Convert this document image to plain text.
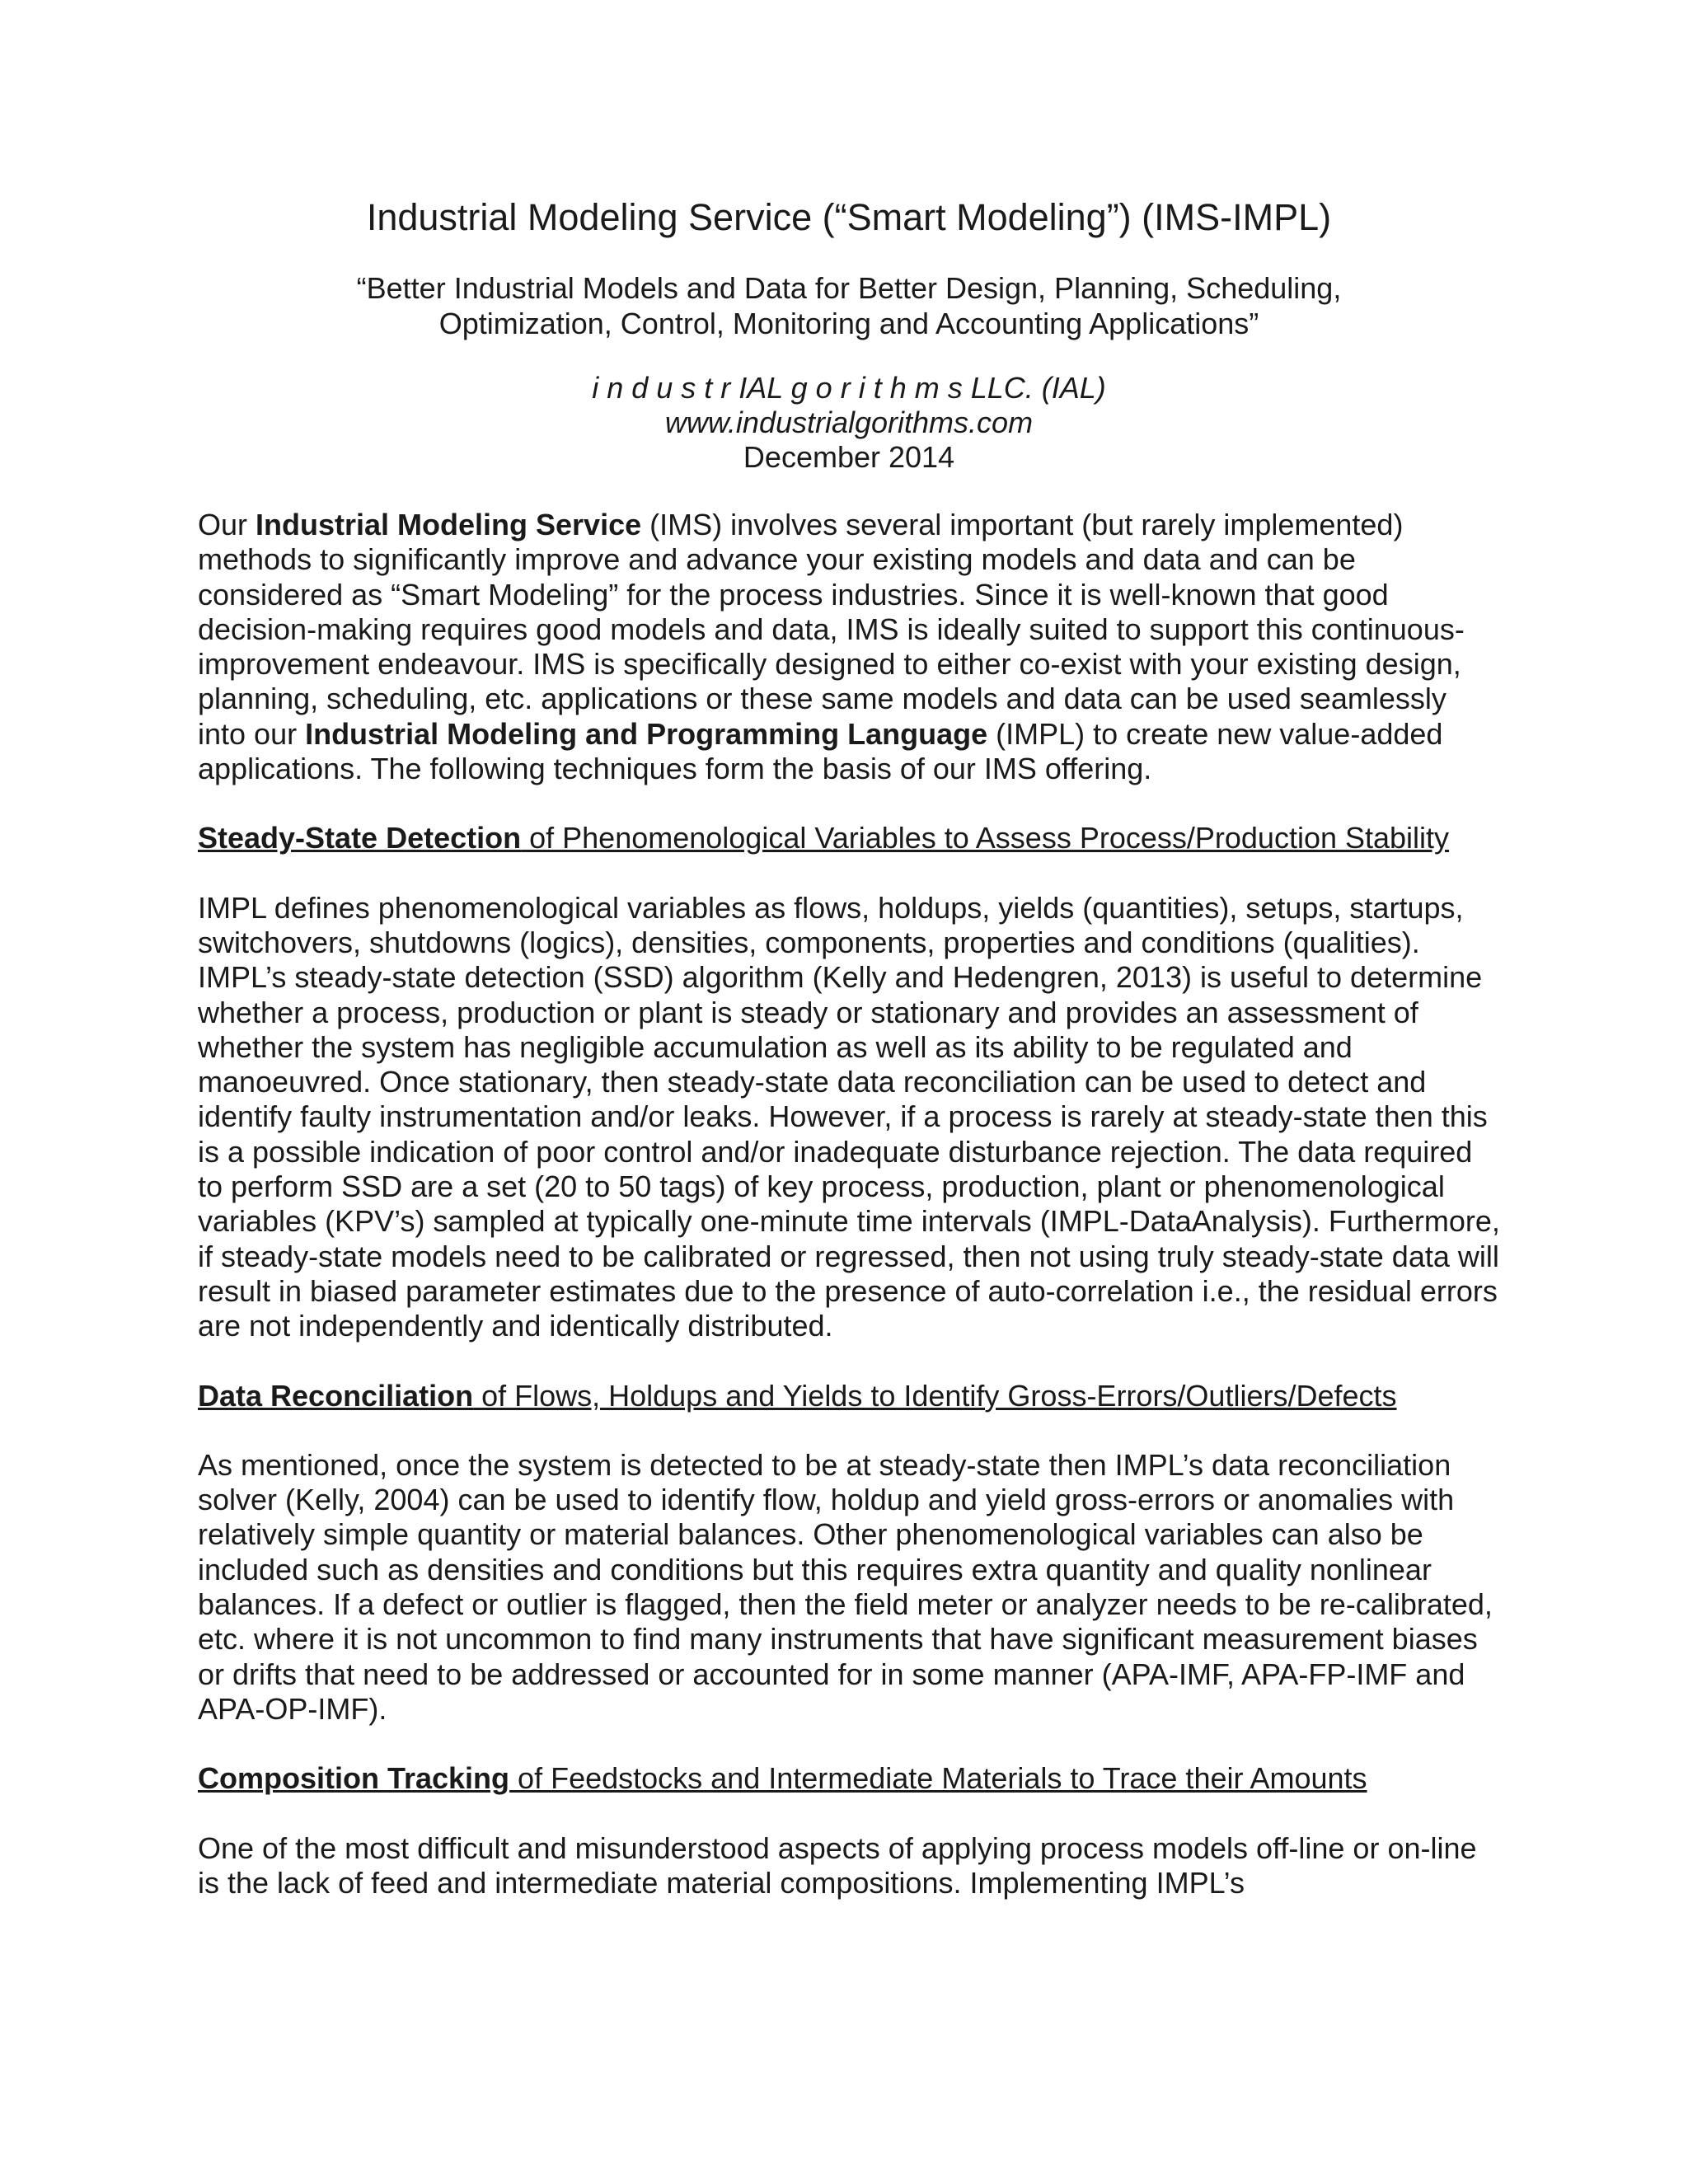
Industrial Modeling Service (“Smart Modeling”) (IMS-IMPL)
“Better Industrial Models and Data for Better Design, Planning, Scheduling,
Optimization, Control, Monitoring and Accounting Applications”
i n d u s t r IAL g o r i t h m s LLC. (IAL)
www.industrialgorithms.com
December 2014

Our Industrial Modeling Service (IMS) involves several important (but rarely implemented) methods to significantly improve and advance your existing models and data and can be considered as “Smart Modeling” for the process industries. Since it is well-known that good decision-making requires good models and data, IMS is ideally suited to support this continuous-improvement endeavour. IMS is specifically designed to either co-exist with your existing design, planning, scheduling, etc. applications or these same models and data can be used seamlessly into our Industrial Modeling and Programming Language (IMPL) to create new value-added applications. The following techniques form the basis of our IMS offering.

Steady-State Detection of Phenomenological Variables to Assess Process/Production Stability

IMPL defines phenomenological variables as flows, holdups, yields (quantities), setups, startups, switchovers, shutdowns (logics), densities, components, properties and conditions (qualities). IMPL’s steady-state detection (SSD) algorithm (Kelly and Hedengren, 2013) is useful to determine whether a process, production or plant is steady or stationary and provides an assessment of whether the system has negligible accumulation as well as its ability to be regulated and manoeuvred. Once stationary, then steady-state data reconciliation can be used to detect and identify faulty instrumentation and/or leaks. However, if a process is rarely at steady-state then this is a possible indication of poor control and/or inadequate disturbance rejection. The data required to perform SSD are a set (20 to 50 tags) of key process, production, plant or phenomenological variables (KPV’s) sampled at typically one-minute time intervals (IMPL-DataAnalysis). Furthermore, if steady-state models need to be calibrated or regressed, then not using truly steady-state data will result in biased parameter estimates due to the presence of auto-correlation i.e., the residual errors are not independently and identically distributed.

Data Reconciliation of Flows, Holdups and Yields to Identify Gross-Errors/Outliers/Defects

As mentioned, once the system is detected to be at steady-state then IMPL’s data reconciliation solver (Kelly, 2004) can be used to identify flow, holdup and yield gross-errors or anomalies with relatively simple quantity or material balances. Other phenomenological variables can also be included such as densities and conditions but this requires extra quantity and quality nonlinear balances. If a defect or outlier is flagged, then the field meter or analyzer needs to be re-calibrated, etc. where it is not uncommon to find many instruments that have significant measurement biases or drifts that need to be addressed or accounted for in some manner (APA-IMF, APA-FP-IMF and APA-OP-IMF).

Composition Tracking of Feedstocks and Intermediate Materials to Trace their Amounts

One of the most difficult and misunderstood aspects of applying process models off-line or on-line is the lack of feed and intermediate material compositions. Implementing IMPL’s
